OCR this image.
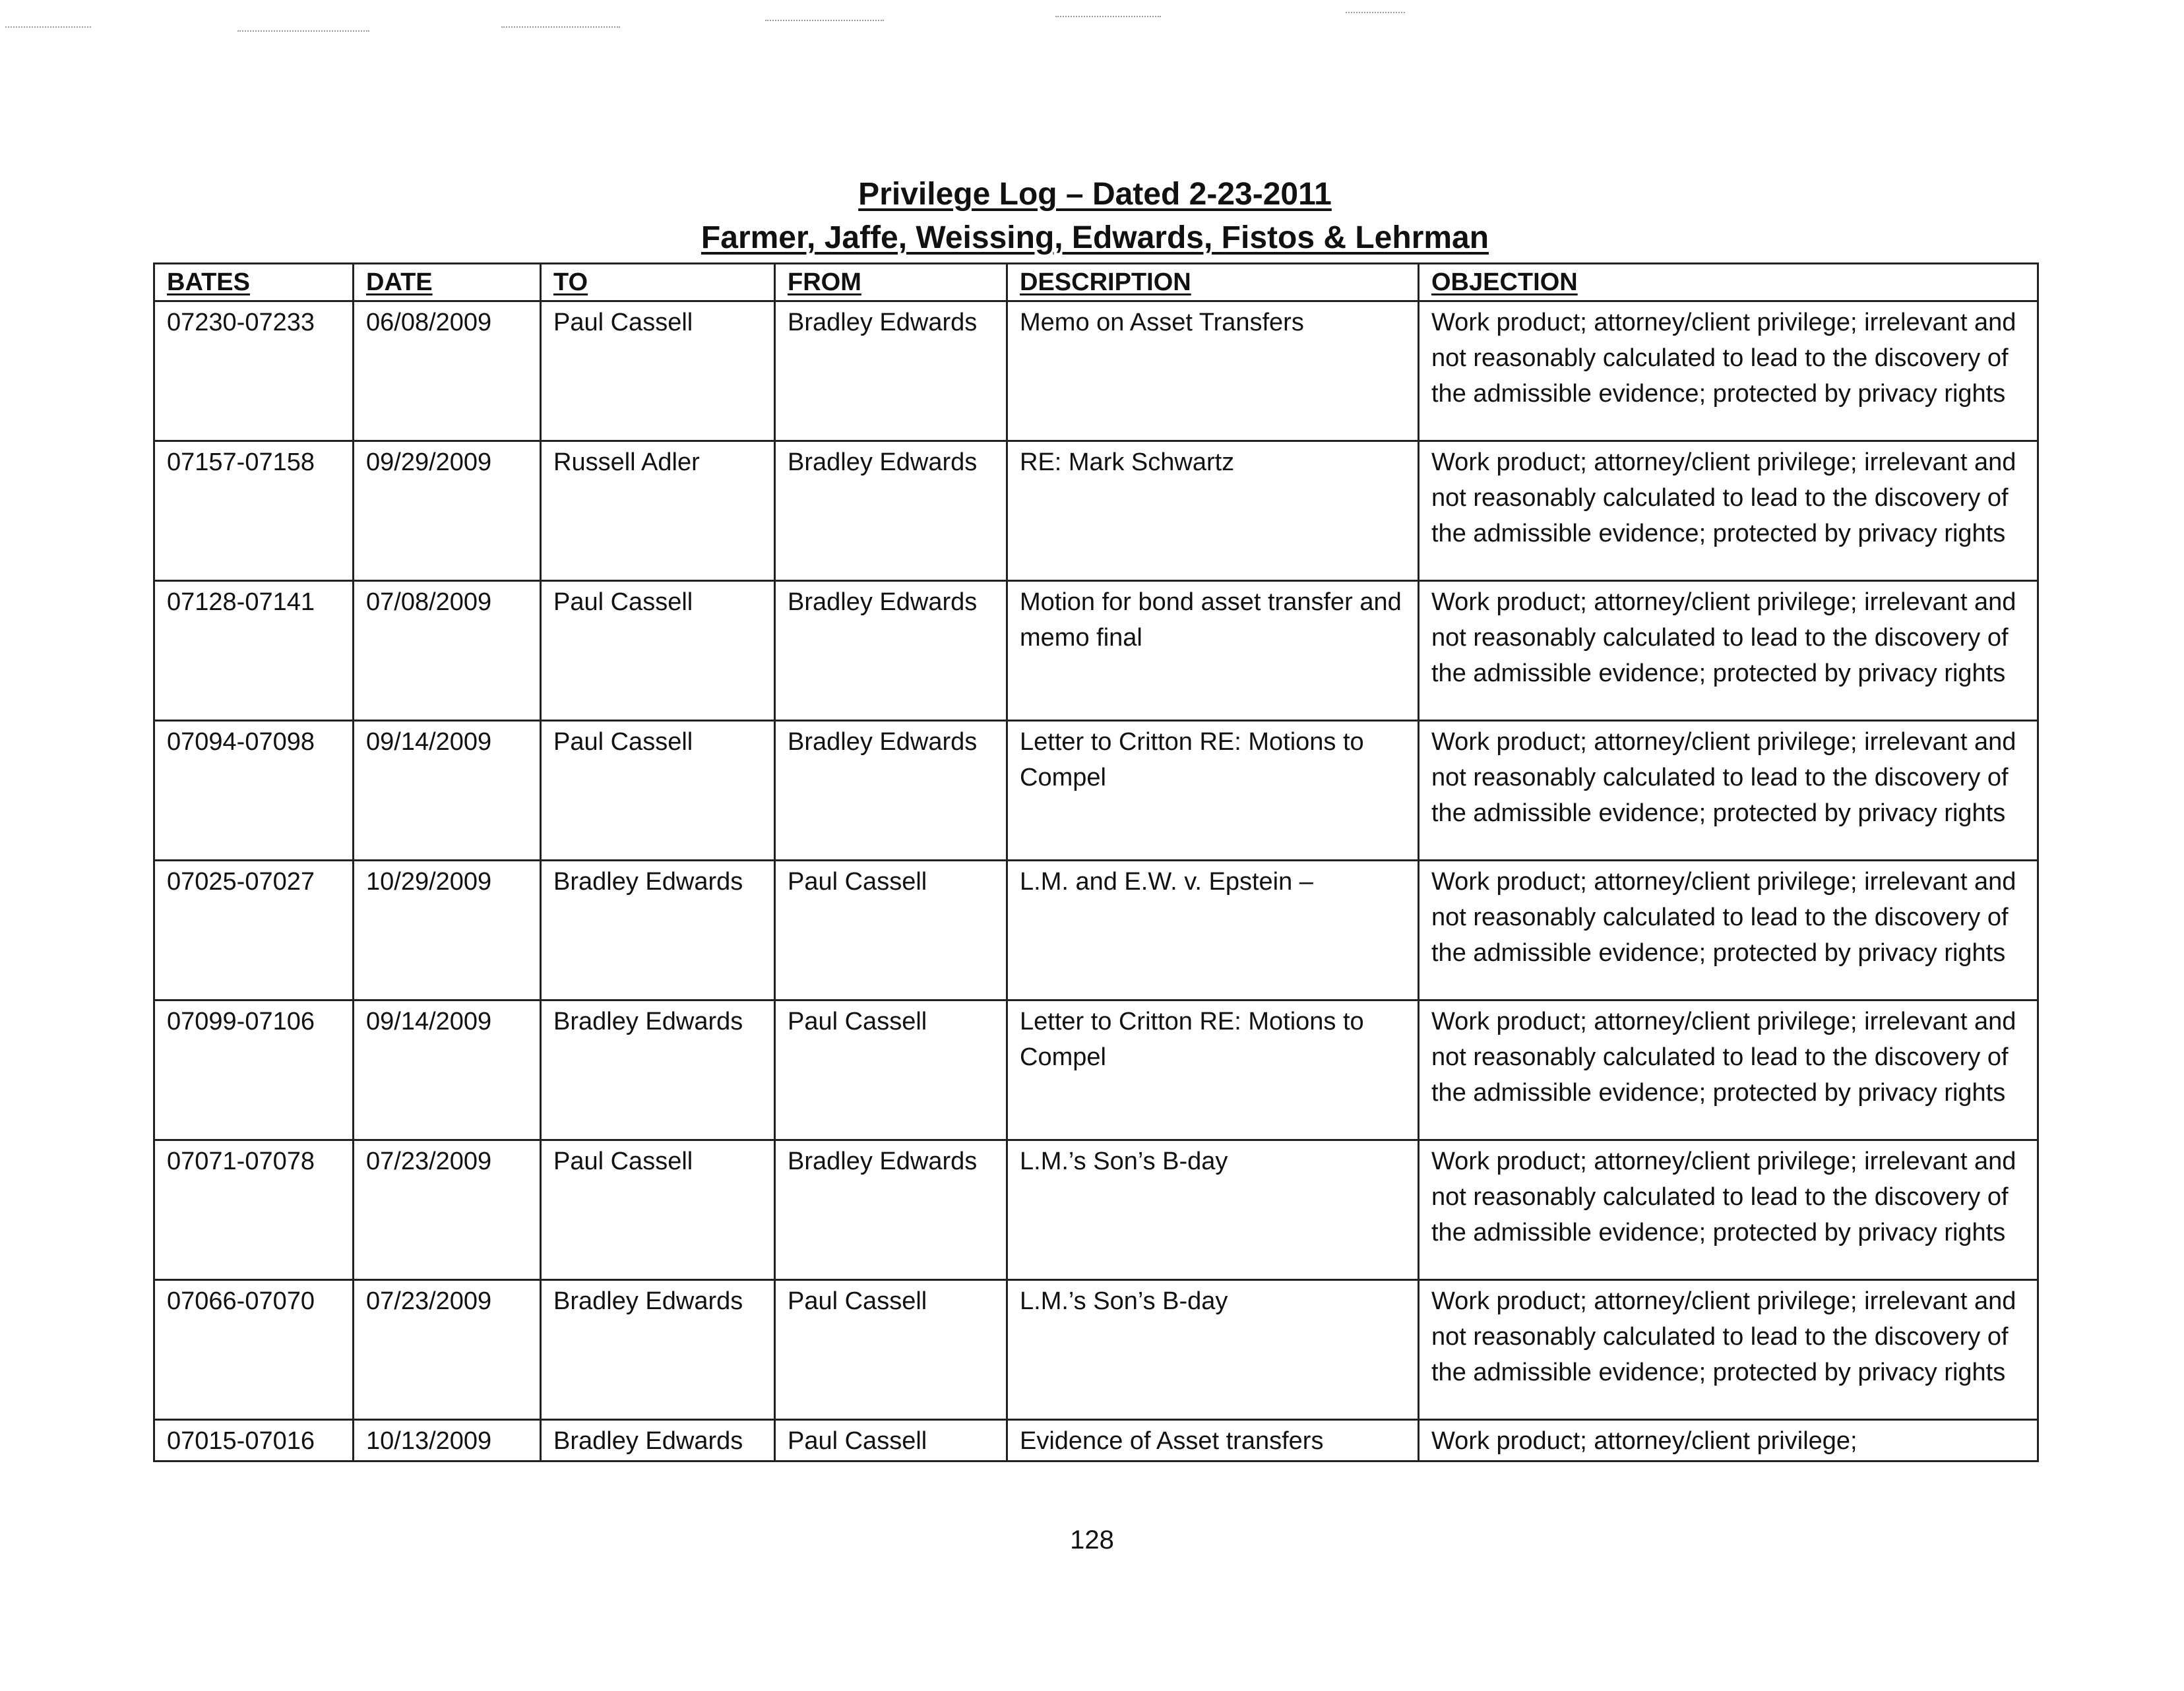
Privilege Log – Dated 2-23-2011
Farmer, Jaffe, Weissing, Edwards, Fistos & Lehrman
BATES	DATE	TO	FROM	DESCRIPTION	OBJECTION
07230-07233	06/08/2009	Paul Cassell	Bradley Edwards	Memo on Asset Transfers	Work product; attorney/client privilege; irrelevant and not reasonably calculated to lead to the discovery of the admissible evidence; protected by privacy rights
07157-07158	09/29/2009	Russell Adler	Bradley Edwards	RE: Mark Schwartz	Work product; attorney/client privilege; irrelevant and not reasonably calculated to lead to the discovery of the admissible evidence; protected by privacy rights
07128-07141	07/08/2009	Paul Cassell	Bradley Edwards	Motion for bond asset transfer and memo final	Work product; attorney/client privilege; irrelevant and not reasonably calculated to lead to the discovery of the admissible evidence; protected by privacy rights
07094-07098	09/14/2009	Paul Cassell	Bradley Edwards	Letter to Critton RE: Motions to Compel	Work product; attorney/client privilege; irrelevant and not reasonably calculated to lead to the discovery of the admissible evidence; protected by privacy rights
07025-07027	10/29/2009	Bradley Edwards	Paul Cassell	L.M. and E.W. v. Epstein –	Work product; attorney/client privilege; irrelevant and not reasonably calculated to lead to the discovery of the admissible evidence; protected by privacy rights
07099-07106	09/14/2009	Bradley Edwards	Paul Cassell	Letter to Critton RE: Motions to Compel	Work product; attorney/client privilege; irrelevant and not reasonably calculated to lead to the discovery of the admissible evidence; protected by privacy rights
07071-07078	07/23/2009	Paul Cassell	Bradley Edwards	L.M.’s Son’s B-day	Work product; attorney/client privilege; irrelevant and not reasonably calculated to lead to the discovery of the admissible evidence; protected by privacy rights
07066-07070	07/23/2009	Bradley Edwards	Paul Cassell	L.M.’s Son’s B-day	Work product; attorney/client privilege; irrelevant and not reasonably calculated to lead to the discovery of the admissible evidence; protected by privacy rights
07015-07016	10/13/2009	Bradley Edwards	Paul Cassell	Evidence of Asset transfers	Work product; attorney/client privilege;
128
